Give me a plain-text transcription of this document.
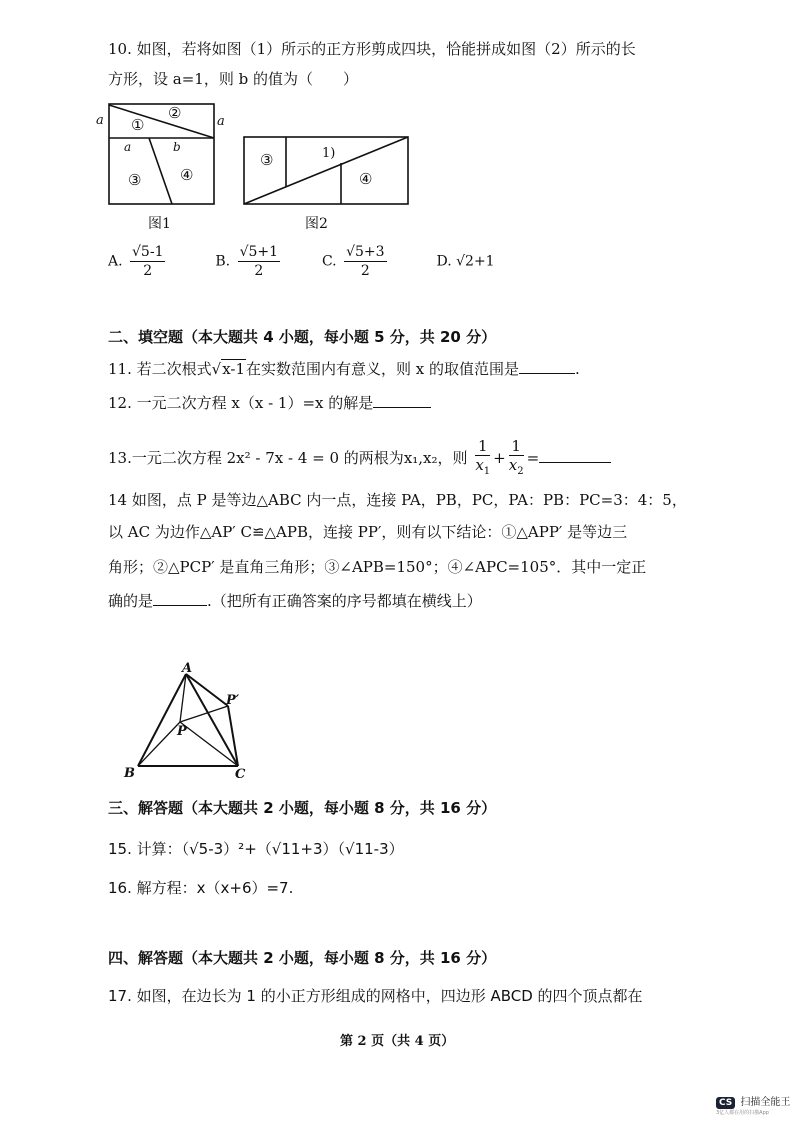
10. 如图，若将如图（1）所示的正方形剪成四块，恰能拼成如图（2）所示的长
方形，设 a=1，则 b 的值为（　　）
a	a
a	b
①
②
③	④
③	1)
④
图1	图2
A. $\frac{√5-1}{2}$	B. $\frac{√5+1}{2}$	C. $\frac{√5+3}{2}$	D. √2+1
二、填空题（本大题共 4 小题，每小题 5 分，共 20 分）
11. 若二次根式√x-1在实数范围内有意义，则 x 的取值范围是	.
12. 一元二次方程 x（x - 1）=x 的解是
13.一元二次方程 2x² - 7x - 4 = 0 的两根为x₁,x₂，则 $\frac{1}{x_1} + \frac{1}{x_2}$ =
14 如图，点 P 是等边△ABC 内一点，连接 PA，PB，PC，PA：PB：PC=3：4：5，
以 AC 为边作△AP′ C≌△APB，连接 PP′，则有以下结论：①△APP′ 是等边三
角形；②△PCP′ 是直角三角形；③∠APB=150°；④∠APC=105°．其中一定正
确的是	.（把所有正确答案的序号都填在横线上）
A
B	C
P
P′
三、解答题（本大题共 2 小题，每小题 8 分，共 16 分）
15. 计算：（√5-3）²+（√11+3）（√11-3）
16. 解方程：x（x+6）=7.
四、解答题（本大题共 2 小题，每小题 8 分，共 16 分）
17. 如图，在边长为 1 的小正方形组成的网格中，四边形 ABCD 的四个顶点都在
第 2 页（共 4 页）
CS 扫描全能王
3亿人都在用的扫描App
